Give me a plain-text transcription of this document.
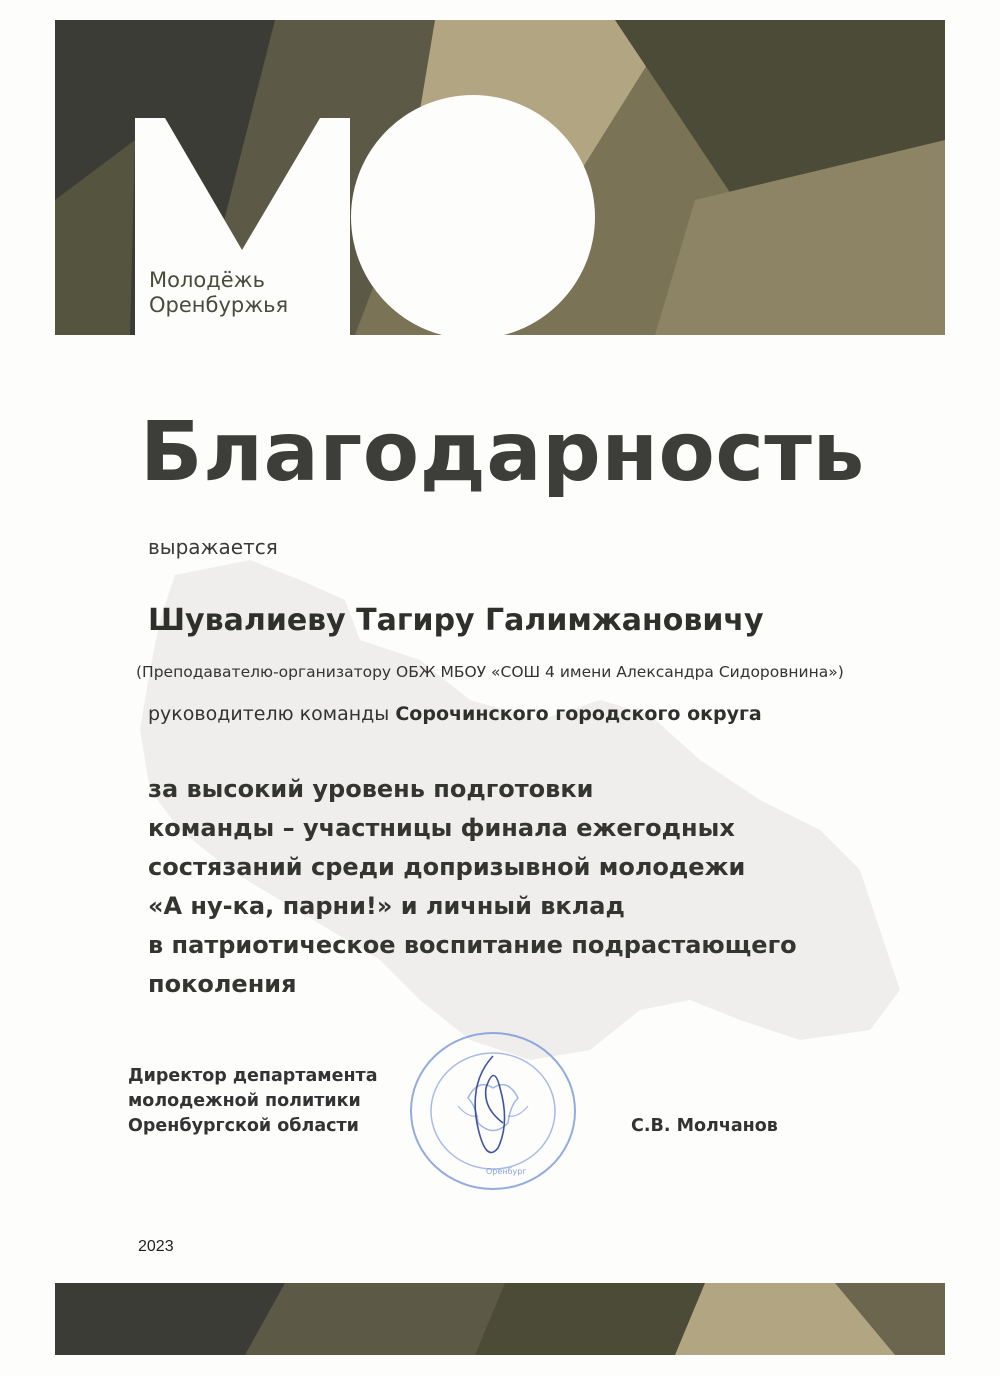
Молодёжь
Оренбуржья
Благодарность
выражается
Шувалиеву Тагиру Галимжановичу
(Преподавателю-организатору ОБЖ МБОУ «СОШ 4 имени Александра Сидоровнина»)
руководителю команды Сорочинского городского округа
за высокий уровень подготовки
команды – участницы финала ежегодных
состязаний среди допризывной молодежи
«А ну-ка, парни!» и личный вклад
в патриотическое воспитание подрастающего
поколения
Директор департамента
молодежной политики
Оренбургской области
Оренбург
С.В. Молчанов
2023
